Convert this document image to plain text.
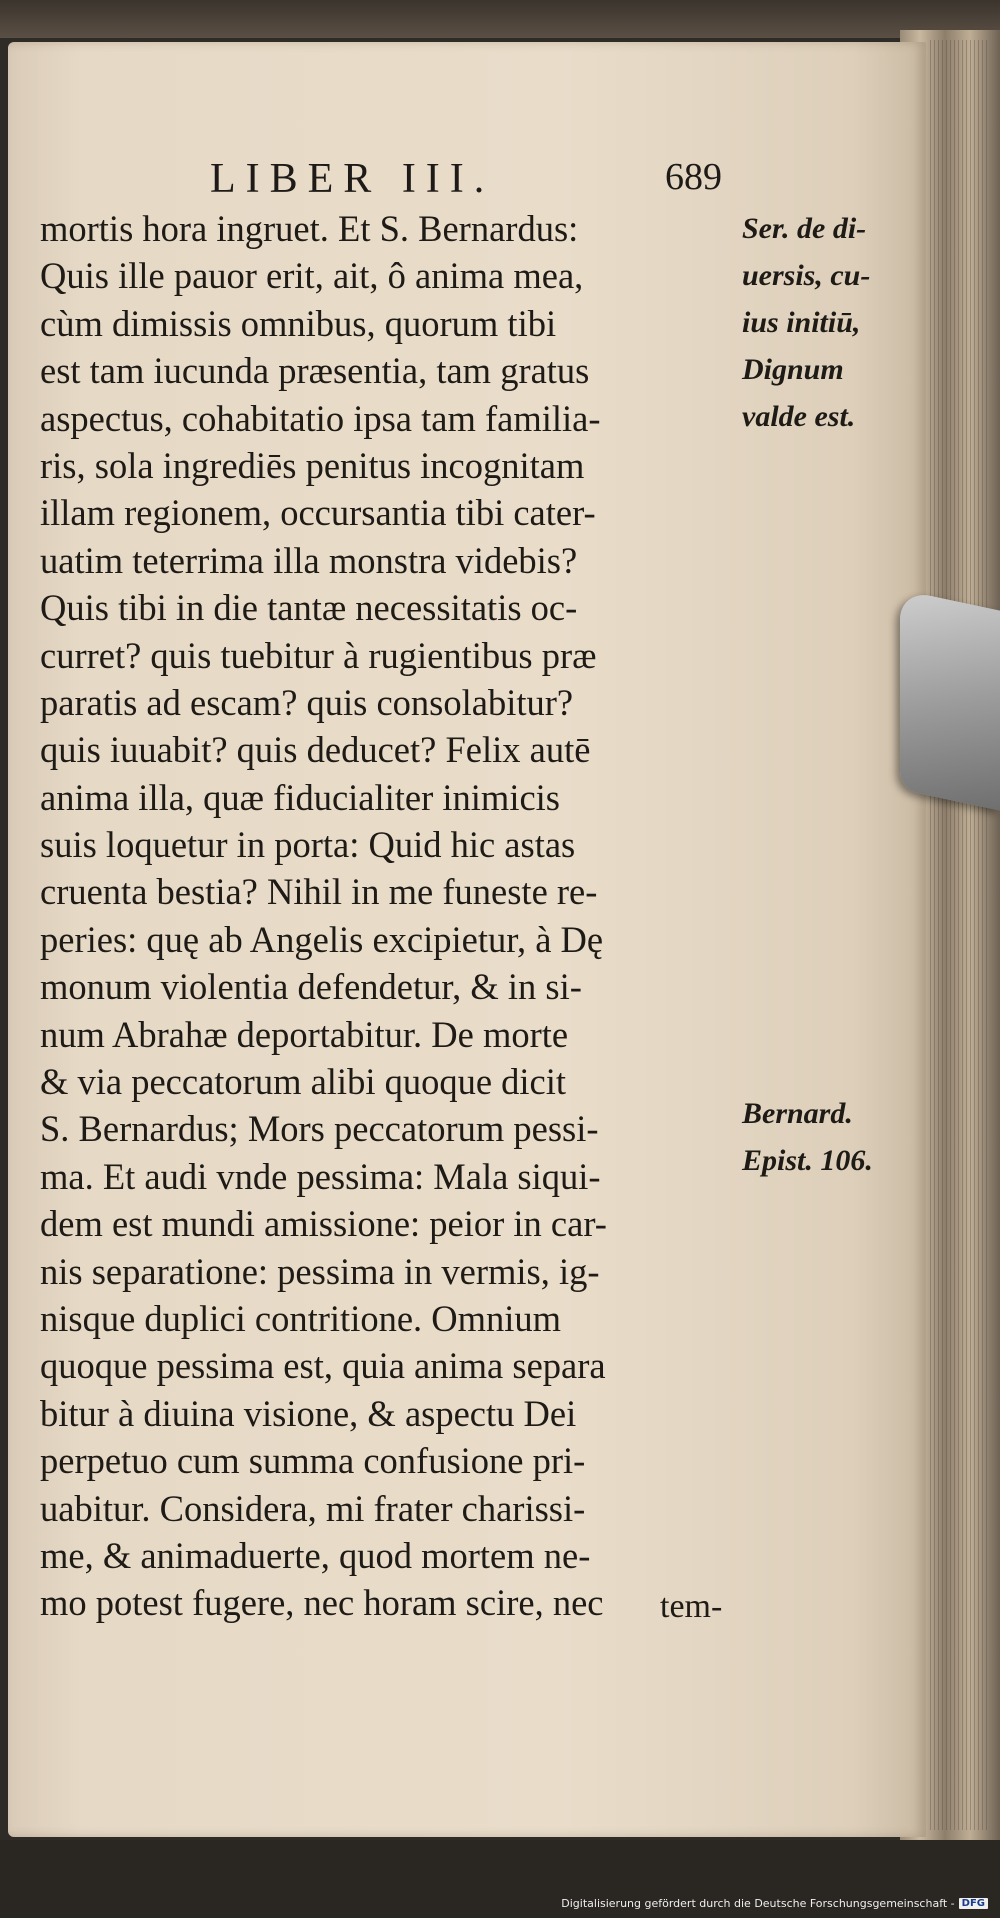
LIBER III.	689
mortis hora ingruet. Et S. Bernardus:
Quis ille pauor erit, ait, ô anima mea,
cùm dimissis omnibus, quorum tibi
est tam iucunda præsentia, tam gratus
aspectus, cohabitatio ipsa tam familia-
ris, sola ingrediēs penitus incognitam
illam regionem, occursantia tibi cater-
uatim teterrima illa monstra videbis?
Quis tibi in die tantæ necessitatis oc-
curret? quis tuebitur à rugientibus præ
paratis ad escam? quis consolabitur?
quis iuuabit? quis deducet? Felix autē
anima illa, quæ fiducialiter inimicis
suis loquetur in porta: Quid hic astas
cruenta bestia? Nihil in me funeste re-
peries: quę ab Angelis excipietur, à Dę
monum violentia defendetur, & in si-
num Abrahæ deportabitur. De morte
& via peccatorum alibi quoque dicit
S. Bernardus; Mors peccatorum pessi-
ma. Et audi vnde pessima: Mala siqui-
dem est mundi amissione: peior in car-
nis separatione: pessima in vermis, ig-
nisque duplici contritione. Omnium
quoque pessima est, quia anima separa
bitur à diuina visione, & aspectu Dei
perpetuo cum summa confusione pri-
uabitur. Considera, mi frater charissi-
me, & animaduerte, quod mortem ne-
mo potest fugere, nec horam scire, nec	tem-
Ser. de di-
uersis, cu-
ius initiū,
Dignum
valde est.
Bernard.
Epist. 106.
Digitalisierung gefördert durch die Deutsche Forschungsgemeinschaft - DFG
